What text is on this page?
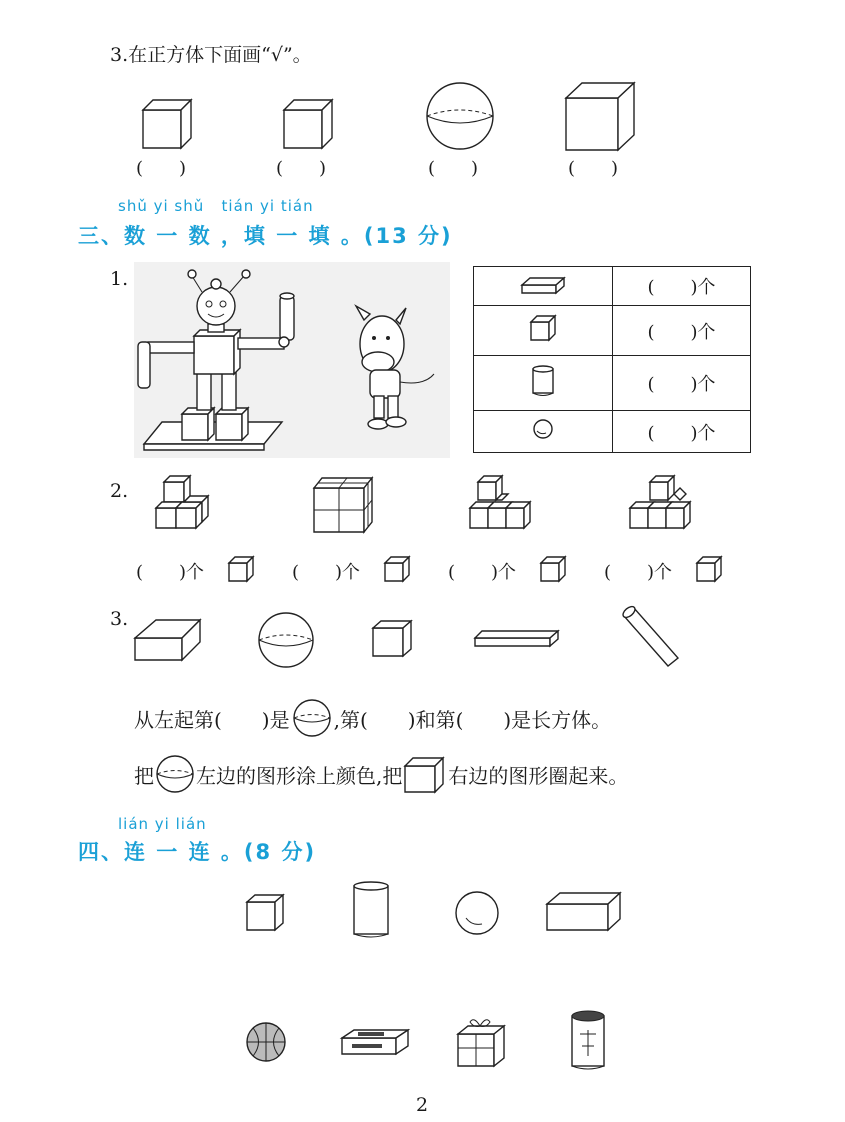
3.在正方体下面画“√”。
(　　)	(　　)	(　　)	(　　)
shǔ yi shǔ   tián yi tián
三、数 一 数 ，填 一 填 。(13 分)
1.
		(　　)个
	(　　)个
	(　　)个
	(　　)个
2.
(　　)个	(　　)个	(　　)个	(　　)个
3.
从左起第(　　)是 ,第(　　)和第(　　)是长方体。
把 左边的图形涂上颜色,把 右边的图形圈起来。
lián yi lián
四、连 一 连 。(8 分)
2
